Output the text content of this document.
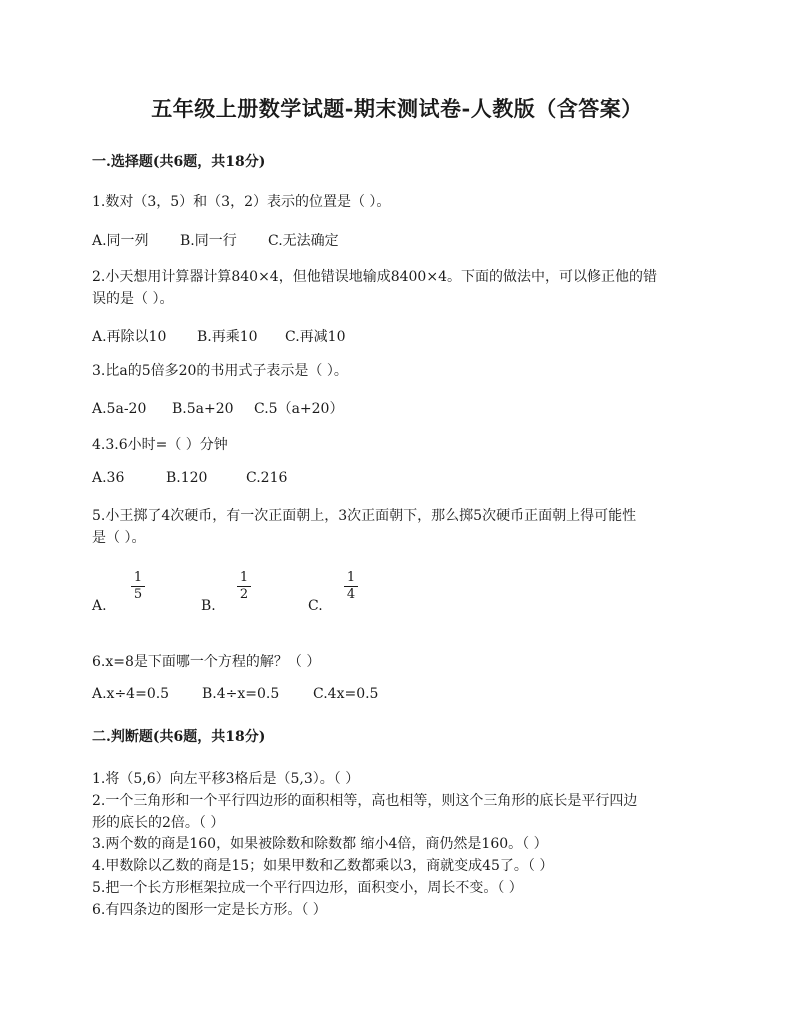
五年级上册数学试题-期末测试卷-人教版（含答案）
一.选择题(共6题，共18分)
1.数对（3，5）和（3，2）表示的位置是（ ）。
A.同一列 B.同一行 C.无法确定
2.小天想用计算器计算840×4，但他错误地输成8400×4。下面的做法中，可以修正他的错
误的是（ ）。
A.再除以10 B.再乘10 C.再减10
3.比a的5倍多20的书用式子表示是（ ）。
A.5a-20 B.5a+20 C.5（a+20）
4.3.6小时=（ ）分钟
A.36	B.120	C.216
5.小王掷了4次硬币，有一次正面朝上，3次正面朝下，那么掷5次硬币正面朝上得可能性
是（ ）。
A.
1
5
B.
1
2
C.
1
4
6.x=8是下面哪一个方程的解？（ ）
A.x÷4=0.5 B.4÷x=0.5 C.4x=0.5
二.判断题(共6题，共18分)
1.将（5,6）向左平移3格后是（5,3）。（ ）
2.一个三角形和一个平行四边形的面积相等，高也相等，则这个三角形的底长是平行四边
形的底长的2倍。（ ）
3.两个数的商是160，如果被除数和除数都 缩小4倍，商仍然是160。（ ）
4.甲数除以乙数的商是15；如果甲数和乙数都乘以3，商就变成45了。（ ）
5.把一个长方形框架拉成一个平行四边形，面积变小，周长不变。（ ）
6.有四条边的图形一定是长方形。（ ）
